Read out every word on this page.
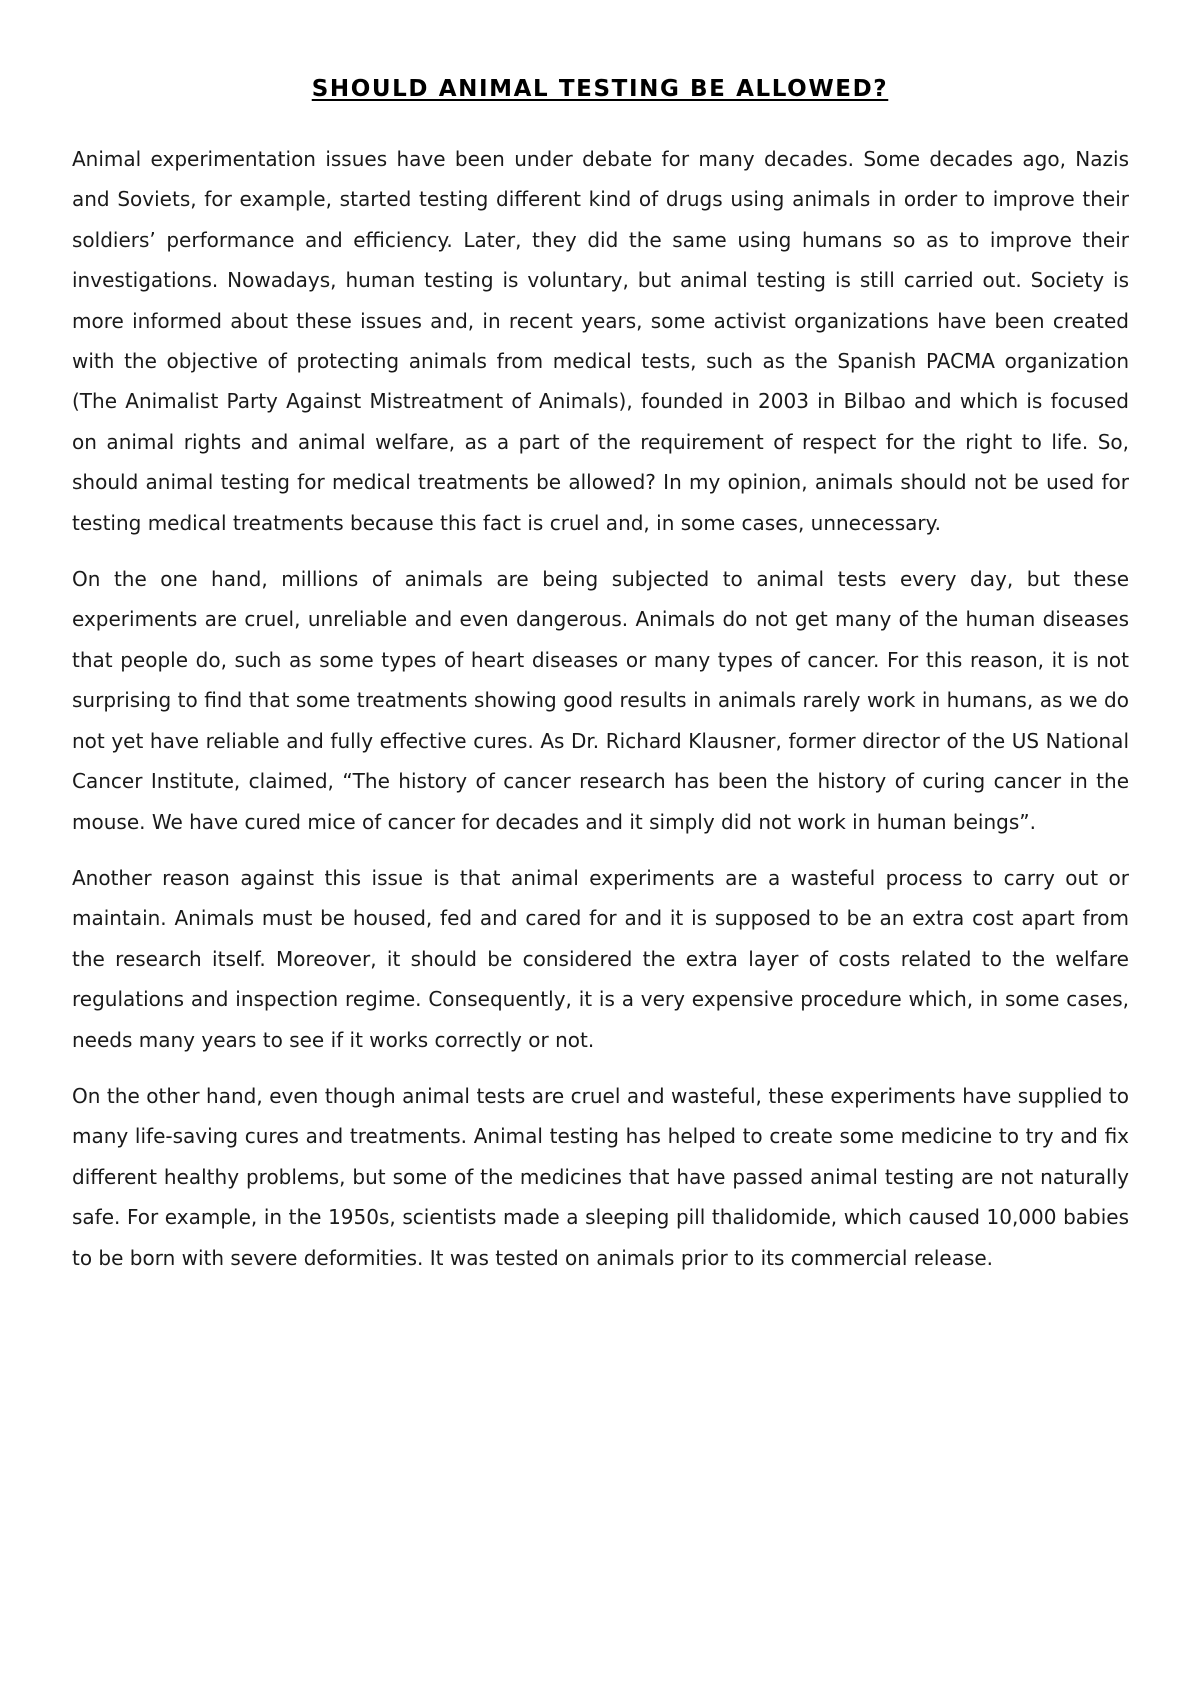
SHOULD ANIMAL TESTING BE ALLOWED?

Animal experimentation issues have been under debate for many decades. Some decades ago, Nazis and Soviets, for example, started testing different kind of drugs using animals in order to improve their soldiers’ performance and efficiency. Later, they did the same using humans so as to improve their investigations. Nowadays, human testing is voluntary, but animal testing is still carried out. Society is more informed about these issues and, in recent years, some activist organizations have been created with the objective of protecting animals from medical tests, such as the Spanish PACMA organization (The Animalist Party Against Mistreatment of Animals), founded in 2003 in Bilbao and which is focused on animal rights and animal welfare, as a part of the requirement of respect for the right to life. So, should animal testing for medical treatments be allowed? In my opinion, animals should not be used for testing medical treatments because this fact is cruel and, in some cases, unnecessary.

On the one hand, millions of animals are being subjected to animal tests every day, but these experiments are cruel, unreliable and even dangerous. Animals do not get many of the human diseases that people do, such as some types of heart diseases or many types of cancer. For this reason, it is not surprising to find that some treatments showing good results in animals rarely work in humans, as we do not yet have reliable and fully effective cures. As Dr. Richard Klausner, former director of the US National Cancer Institute, claimed, “The history of cancer research has been the history of curing cancer in the mouse. We have cured mice of cancer for decades and it simply did not work in human beings”.

Another reason against this issue is that animal experiments are a wasteful process to carry out or maintain. Animals must be housed, fed and cared for and it is supposed to be an extra cost apart from the research itself. Moreover, it should be considered the extra layer of costs related to the welfare regulations and inspection regime. Consequently, it is a very expensive procedure which, in some cases, needs many years to see if it works correctly or not.

On the other hand, even though animal tests are cruel and wasteful, these experiments have supplied to many life-saving cures and treatments. Animal testing has helped to create some medicine to try and fix different healthy problems, but some of the medicines that have passed animal testing are not naturally safe. For example, in the 1950s, scientists made a sleeping pill thalidomide, which caused 10,000 babies to be born with severe deformities. It was tested on animals prior to its commercial release.
